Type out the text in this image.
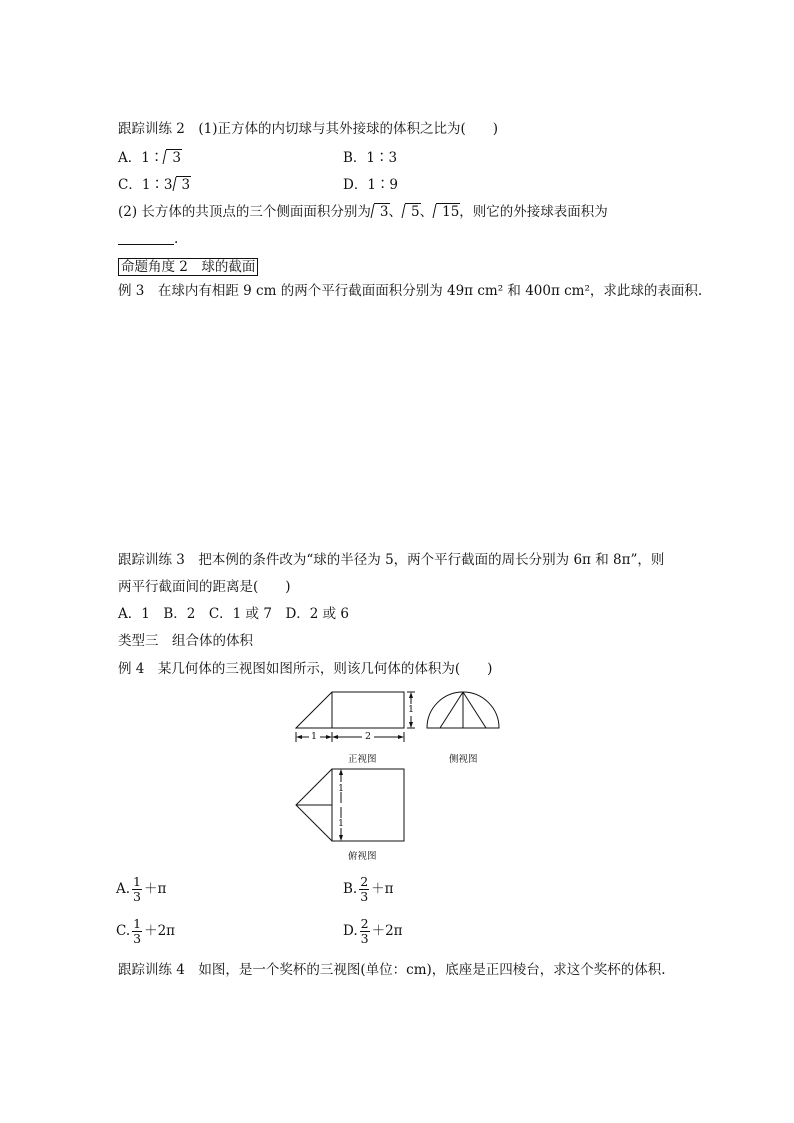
跟踪训练 2　(1)正方体的内切球与其外接球的体积之比为(　　)
A．1∶ 3	B．1∶3
C．1∶3 3	D．1∶9
(2) 长方体的共顶点的三个侧面面积分别为 3、 5、 15，则它的外接球表面积为
.
命题角度 2　球的截面
例 3　在球内有相距 9 cm 的两个平行截面面积分别为 49π cm² 和 400π cm²，求此球的表面积.
跟踪训练 3　把本例的条件改为“球的半径为 5，两个平行截面的周长分别为 6π 和 8π”，则
两平行截面间的距离是(　　)
A．1　B．2　C．1 或 7　D．2 或 6
类型三　组合体的体积
例 4　某几何体的三视图如图所示，则该几何体的体积为(　　)
1	2
1
1
1
正视图	侧视图
俯视图
A. $\frac{1}{3} +\pi$	B. $\frac{2}{3} +\pi$
C. $\frac{1}{3} +2\pi$	D. $\frac{2}{3} +2\pi$
跟踪训练 4　如图，是一个奖杯的三视图(单位：cm)，底座是正四棱台，求这个奖杯的体积.
